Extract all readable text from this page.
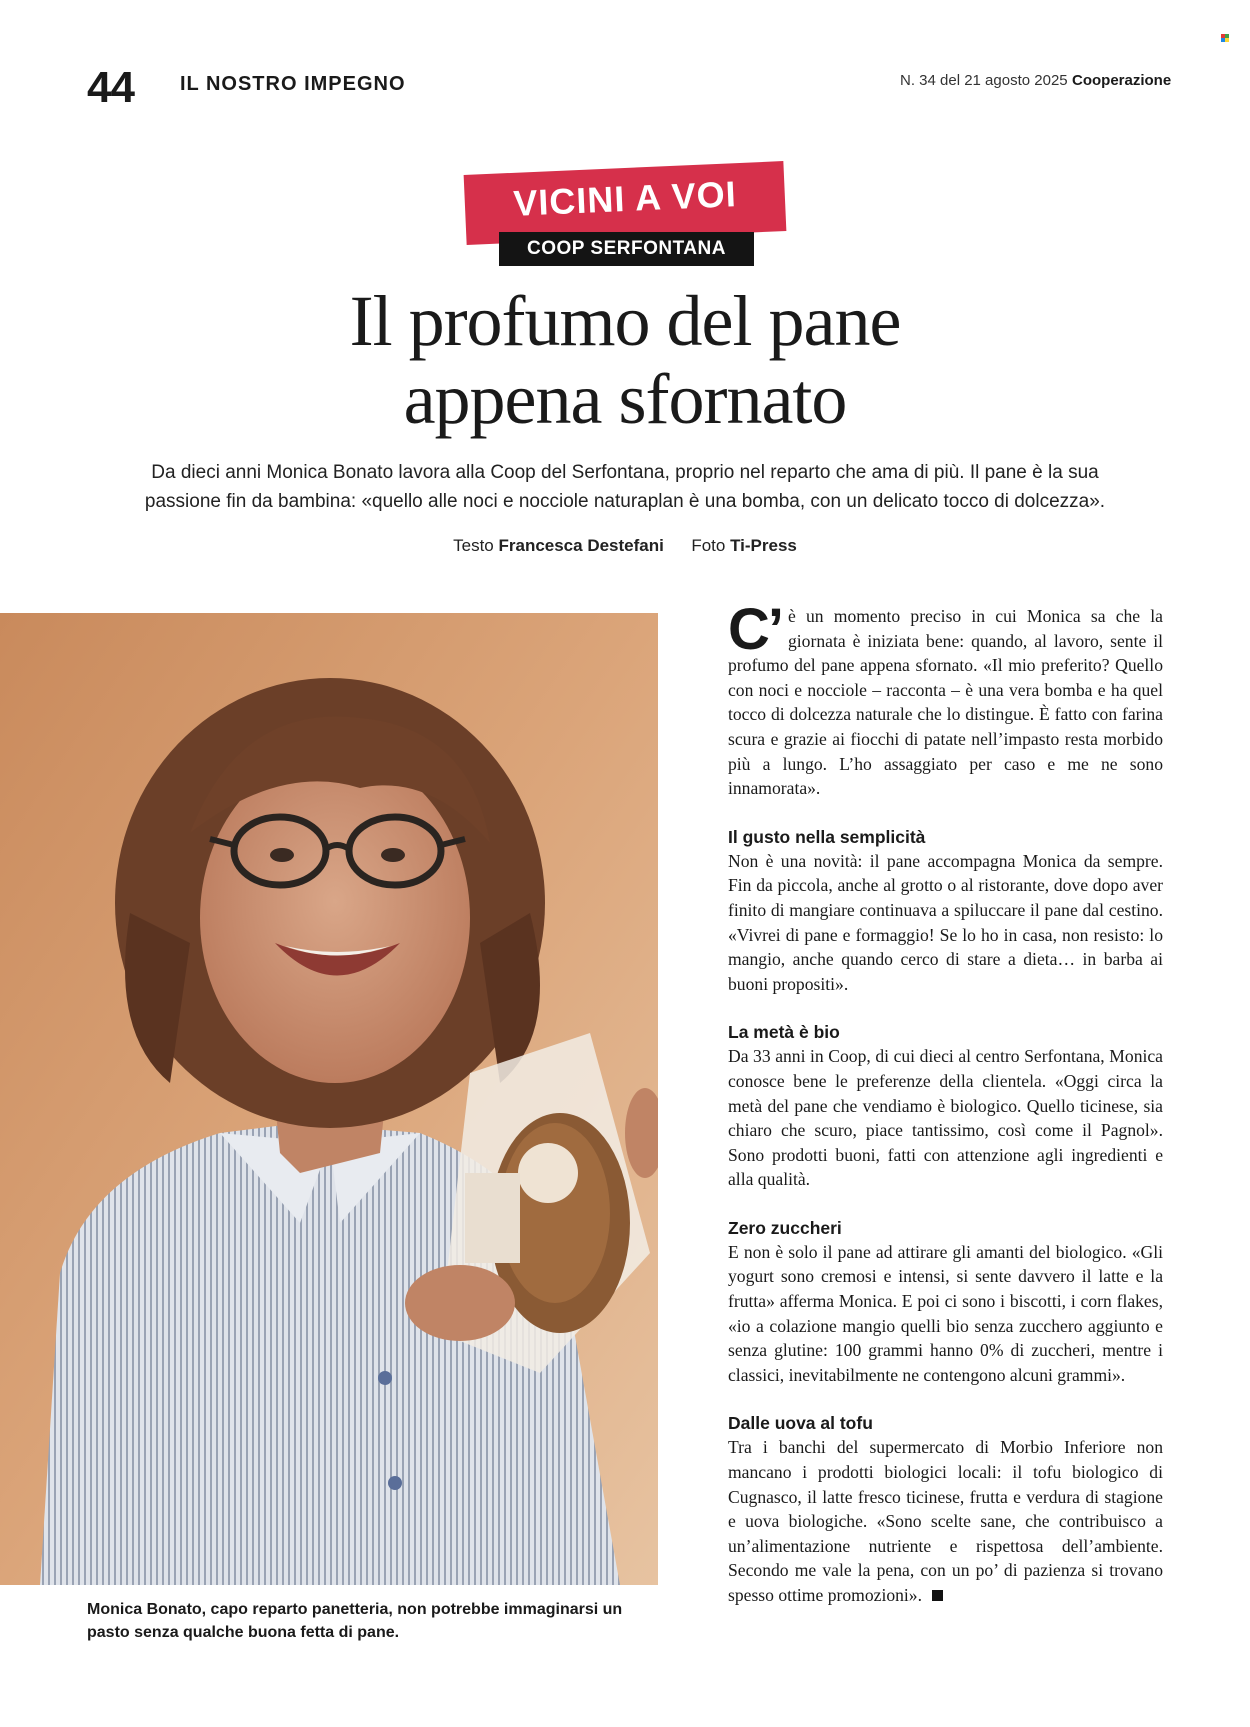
44 IL NOSTRO IMPEGNO	N. 34 del 21 agosto 2025 Cooperazione
VICINI A VOI
COOP SERFONTANA
Il profumo del pane
appena sfornato
Da dieci anni Monica Bonato lavora alla Coop del Serfontana, proprio nel reparto che ama di più. Il pane è la sua
passione fin da bambina: «quello alle noci e nocciole naturaplan è una bomba, con un delicato tocco di dolcezza».
Testo Francesca Destefani Foto Ti-Press
Monica Bonato, capo reparto panetteria, non potrebbe immaginarsi un pasto senza qualche buona fetta di pane.

C’ è un momento preciso in cui Monica sa che la giornata è iniziata bene: quando, al lavoro, sente il profumo del pane appena sfornato. «Il mio preferito? Quello con noci e nocciole – racconta – è una vera bomba e ha quel tocco di dolcezza naturale che lo distingue. È fatto con farina scura e grazie ai fiocchi di patate nell’impasto resta morbido più a lungo. L’ho assaggiato per caso e me ne sono innamorata».

Il gusto nella semplicità

Non è una novità: il pane accompagna Monica da sempre. Fin da piccola, anche al grotto o al ristorante, dove dopo aver finito di mangiare continuava a spiluccare il pane dal cestino. «Vivrei di pane e formaggio! Se lo ho in casa, non resisto: lo mangio, anche quando cerco di stare a dieta… in barba ai buoni propositi».

La metà è bio

Da 33 anni in Coop, di cui dieci al centro Serfontana, Monica conosce bene le preferenze della clientela. «Oggi circa la metà del pane che vendiamo è biologico. Quello ticinese, sia chiaro che scuro, piace tantissimo, così come il Pagnol». Sono prodotti buoni, fatti con attenzione agli ingredienti e alla qualità.

Zero zuccheri

E non è solo il pane ad attirare gli amanti del biologico. «Gli yogurt sono cremosi e intensi, si sente davvero il latte e la frutta» afferma Monica. E poi ci sono i biscotti, i corn flakes, «io a colazione mangio quelli bio senza zucchero aggiunto e senza glutine: 100 grammi hanno 0% di zuccheri, mentre i classici, inevitabilmente ne contengono alcuni grammi».

Dalle uova al tofu

Tra i banchi del supermercato di Morbio Inferiore non mancano i prodotti biologici locali: il tofu biologico di Cugnasco, il latte fresco ticinese, frutta e verdura di stagione e uova biologiche. «Sono scelte sane, che contribuisco a un’alimentazione nutriente e rispettosa dell’ambiente. Secondo me vale la pena, con un po’ di pazienza si trovano spesso ottime promozioni».
